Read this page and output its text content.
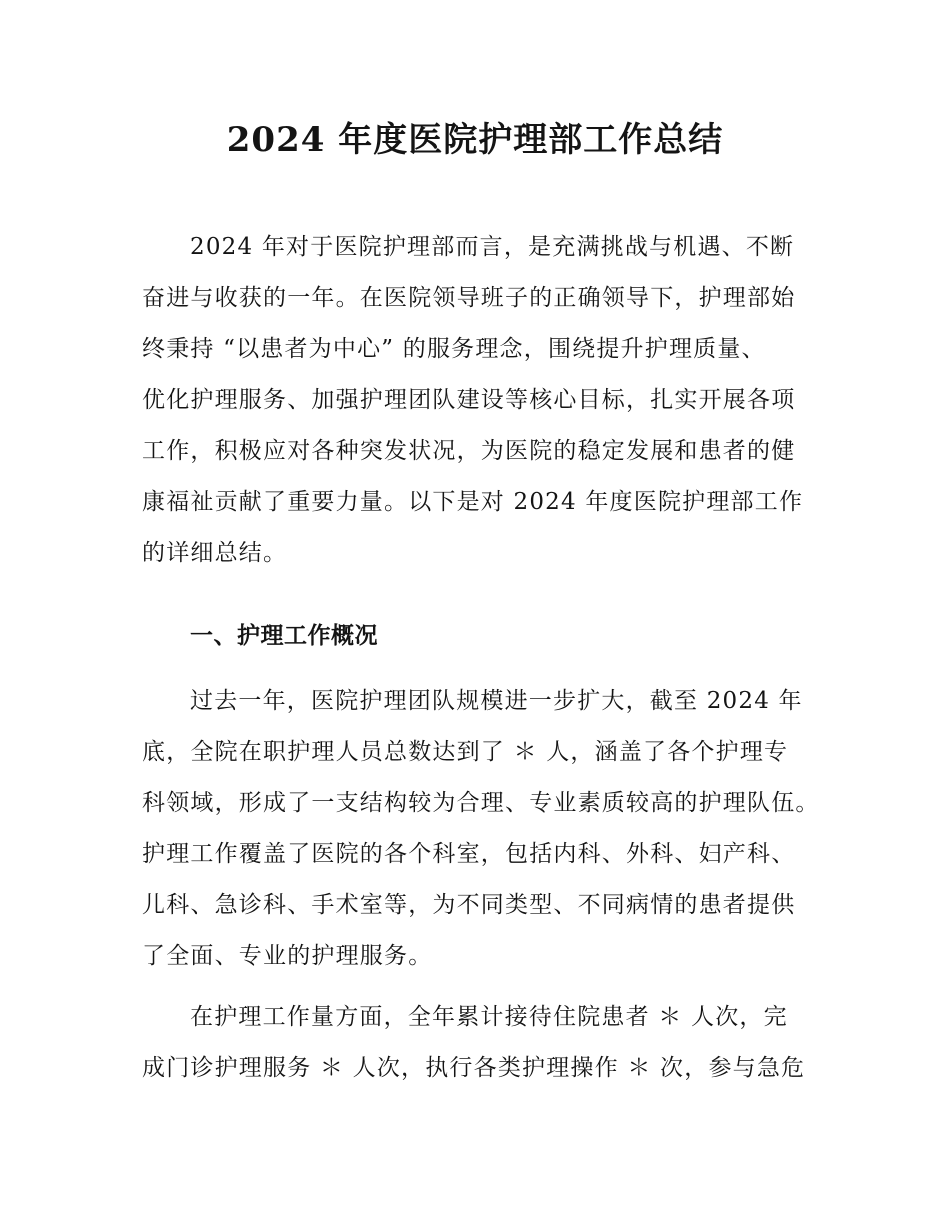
2024 年度医院护理部工作总结
2024 年对于医院护理部而言，是充满挑战与机遇、不断
奋进与收获的一年。在医院领导班子的正确领导下，护理部始
终秉持 “以患者为中心” 的服务理念，围绕提升护理质量、
优化护理服务、加强护理团队建设等核心目标，扎实开展各项
工作，积极应对各种突发状况，为医院的稳定发展和患者的健
康福祉贡献了重要力量。以下是对 2024 年度医院护理部工作
的详细总结。
一、护理工作概况
过去一年，医院护理团队规模进一步扩大，截至 2024 年
底，全院在职护理人员总数达到了 ＊ 人，涵盖了各个护理专
科领域，形成了一支结构较为合理、专业素质较高的护理队伍。
护理工作覆盖了医院的各个科室，包括内科、外科、妇产科、
儿科、急诊科、手术室等，为不同类型、不同病情的患者提供
了全面、专业的护理服务。
在护理工作量方面，全年累计接待住院患者 ＊ 人次，完
成门诊护理服务 ＊ 人次，执行各类护理操作 ＊ 次，参与急危
